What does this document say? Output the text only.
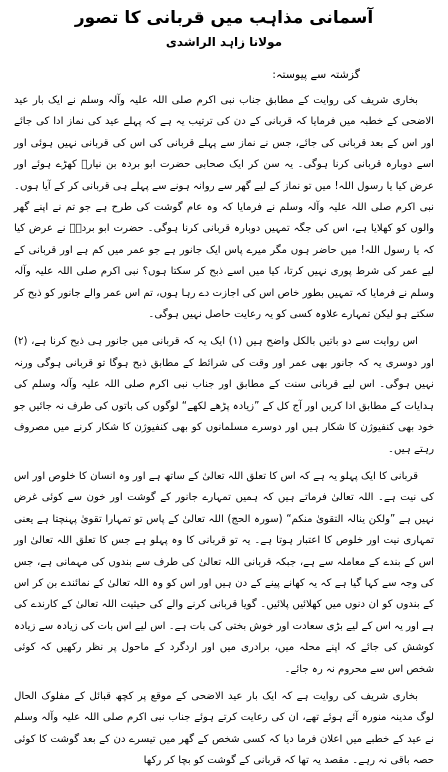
آسمانی مذاہب میں قربانی کا تصور
مولانا زاہد الراشدی
گزشتہ سے پیوستہ:

بخاری شریف کی روایت کے مطابق جناب نبی اکرم صلی اللہ علیہ وآلہ وسلم نے ایک بار عید الاضحی کے خطبہ میں فرمایا کہ قربانی کے دن کی ترتیب یہ ہے کہ پہلے عید کی نماز ادا کی جائے اور اس کے بعد قربانی کی جائے، جس نے نماز سے پہلے قربانی کی اس کی قربانی نہیں ہوئی اور اسے دوبارہ قربانی کرنا ہوگی۔ یہ سن کر ایک صحابی حضرت ابو بردہ بن نیارؓ کھڑے ہوئے اور عرض کیا یا رسول اللہ! میں تو نماز کے لیے گھر سے روانہ ہونے سے پہلے ہی قربانی کر کے آیا ہوں۔ نبی اکرم صلی اللہ علیہ وآلہ وسلم نے فرمایا کہ وہ عام گوشت کی طرح ہے جو تم نے اپنے گھر والوں کو کھلایا ہے، اس کی جگہ تمہیں دوبارہ قربانی کرنا ہوگی۔ حضرت ابو بردہؓ نے عرض کیا کہ یا رسول اللہ! میں حاضر ہوں مگر میرے پاس ایک جانور ہے جو عمر میں کم ہے اور قربانی کے لیے عمر کی شرط پوری نہیں کرتا، کیا میں اسے ذبح کر سکتا ہوں؟ نبی اکرم صلی اللہ علیہ وآلہ وسلم نے فرمایا کہ تمہیں بطور خاص اس کی اجازت دے رہا ہوں، تم اس عمر والے جانور کو ذبح کر سکتے ہو لیکن تمہارے علاوہ کسی کو یہ رعایت حاصل نہیں ہوگی۔

اس روایت سے دو باتیں بالکل واضح ہیں (۱) ایک یہ کہ قربانی میں جانور ہی ذبح کرنا ہے، (۲) اور دوسری یہ کہ جانور بھی عمر اور وقت کی شرائط کے مطابق ذبح ہوگا تو قربانی ہوگی ورنہ نہیں ہوگی۔ اس لیے قربانی سنت کے مطابق اور جناب نبی اکرم صلی اللہ علیہ وآلہ وسلم کی ہدایات کے مطابق ادا کریں اور آج کل کے ”زیادہ پڑھے لکھے“ لوگوں کی باتوں کی طرف نہ جائیں جو خود بھی کنفیوژن کا شکار ہیں اور دوسرے مسلمانوں کو بھی کنفیوژن کا شکار کرنے میں مصروف رہتے ہیں۔

قربانی کا ایک پہلو یہ ہے کہ اس کا تعلق اللہ تعالیٰ کے ساتھ ہے اور وہ انسان کا خلوص اور اس کی نیت ہے۔ اللہ تعالیٰ فرماتے ہیں کہ ہمیں تمہارے جانور کے گوشت اور خون سے کوئی غرض نہیں ہے ”ولکن ینالہ التقویٰ منکم“ (سورہ الحج) اللہ تعالیٰ کے پاس تو تمہارا تقویٰ پہنچتا ہے یعنی تمہاری نیت اور خلوص کا اعتبار ہوتا ہے۔ یہ تو قربانی کا وہ پہلو ہے جس کا تعلق اللہ تعالیٰ اور اس کے بندے کے معاملہ سے ہے، جبکہ قربانی اللہ تعالیٰ کی طرف سے بندوں کی مہمانی ہے، جس کی وجہ سے کہا گیا ہے کہ یہ کھانے پینے کے دن ہیں اور اس کو وہ اللہ تعالیٰ کے نمائندے بن کر اس کے بندوں کو ان دنوں میں کھلائیں پلائیں۔ گویا قربانی کرنے والے کی حیثیت اللہ تعالیٰ کے کارندے کی ہے اور یہ اس کے لیے بڑی سعادت اور خوش بختی کی بات ہے۔ اس لیے اس بات کی زیادہ سے زیادہ کوشش کی جائے کہ اپنے محلہ میں، برادری میں اور اردگرد کے ماحول پر نظر رکھیں کہ کوئی شخص اس سے محروم نہ رہ جائے۔

بخاری شریف کی روایت ہے کہ ایک بار عید الاضحی کے موقع پر کچھ قبائل کے مفلوک الحال لوگ مدینہ منورہ آئے ہوئے تھے، ان کی رعایت کرتے ہوئے جناب نبی اکرم صلی اللہ علیہ وآلہ وسلم نے عید کے خطبے میں اعلان فرما دیا کہ کسی شخص کے گھر میں تیسرے دن کے بعد گوشت کا کوئی حصہ باقی نہ رہے۔ مقصد یہ تھا کہ قربانی کے گوشت کو بچا کر رکھا
